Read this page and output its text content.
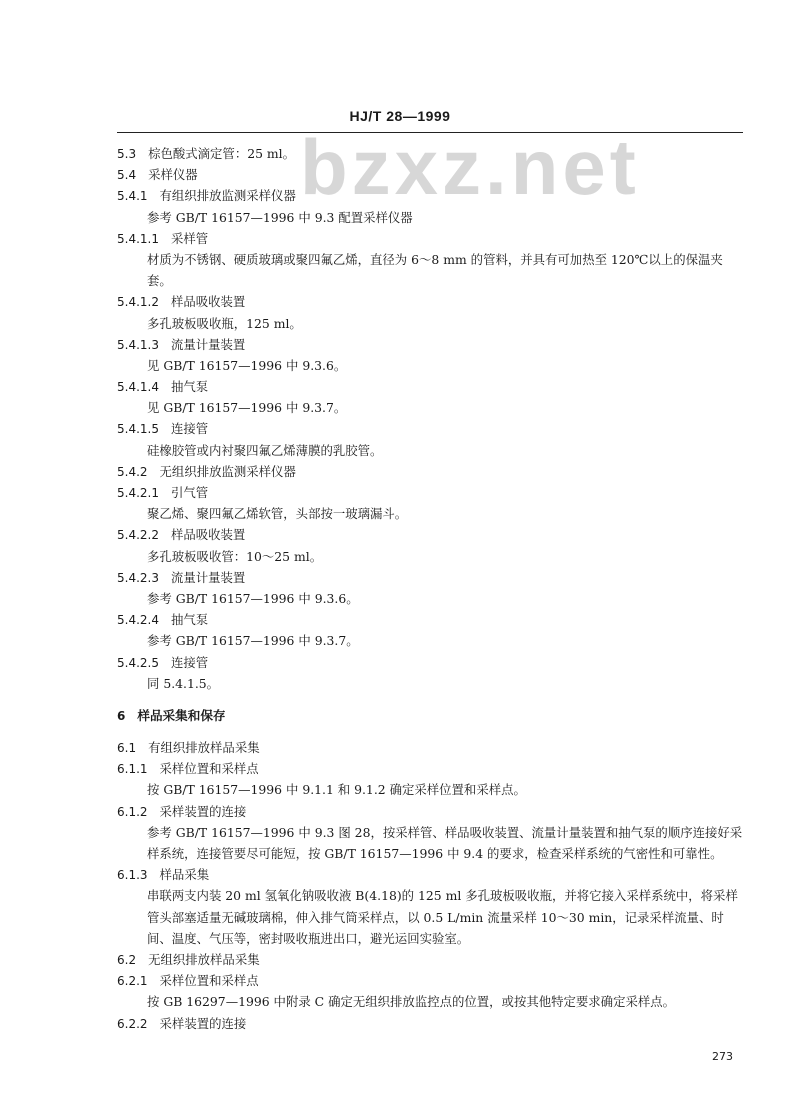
HJ/T 28—1999
bzxz.net
5.3 棕色酸式滴定管：25 ml。
5.4 采样仪器
5.4.1 有组织排放监测采样仪器
参考 GB/T 16157—1996 中 9.3 配置采样仪器
5.4.1.1 采样管
材质为不锈钢、硬质玻璃或聚四氟乙烯，直径为 6～8 mm 的管料，并具有可加热至 120℃以上的保温夹套。
5.4.1.2 样品吸收装置
多孔玻板吸收瓶，125 ml。
5.4.1.3 流量计量装置
见 GB/T 16157—1996 中 9.3.6。
5.4.1.4 抽气泵
见 GB/T 16157—1996 中 9.3.7。
5.4.1.5 连接管
硅橡胶管或内衬聚四氟乙烯薄膜的乳胶管。
5.4.2 无组织排放监测采样仪器
5.4.2.1 引气管
聚乙烯、聚四氟乙烯软管，头部按一玻璃漏斗。
5.4.2.2 样品吸收装置
多孔玻板吸收管：10～25 ml。
5.4.2.3 流量计量装置
参考 GB/T 16157—1996 中 9.3.6。
5.4.2.4 抽气泵
参考 GB/T 16157—1996 中 9.3.7。
5.4.2.5 连接管
同 5.4.1.5。
6 样品采集和保存
6.1 有组织排放样品采集
6.1.1 采样位置和采样点
按 GB/T 16157—1996 中 9.1.1 和 9.1.2 确定采样位置和采样点。
6.1.2 采样装置的连接
参考 GB/T 16157—1996 中 9.3 图 28，按采样管、样品吸收装置、流量计量装置和抽气泵的顺序连接好采样系统，连接管要尽可能短，按 GB/T 16157—1996 中 9.4 的要求，检查采样系统的气密性和可靠性。
6.1.3 样品采集
串联两支内装 20 ml 氢氧化钠吸收液 B(4.18)的 125 ml 多孔玻板吸收瓶，并将它接入采样系统中，将采样管头部塞适量无碱玻璃棉，伸入排气筒采样点，以 0.5 L/min 流量采样 10～30 min，记录采样流量、时间、温度、气压等，密封吸收瓶进出口，避光运回实验室。
6.2 无组织排放样品采集
6.2.1 采样位置和采样点
按 GB 16297—1996 中附录 C 确定无组织排放监控点的位置，或按其他特定要求确定采样点。
6.2.2 采样装置的连接
273
